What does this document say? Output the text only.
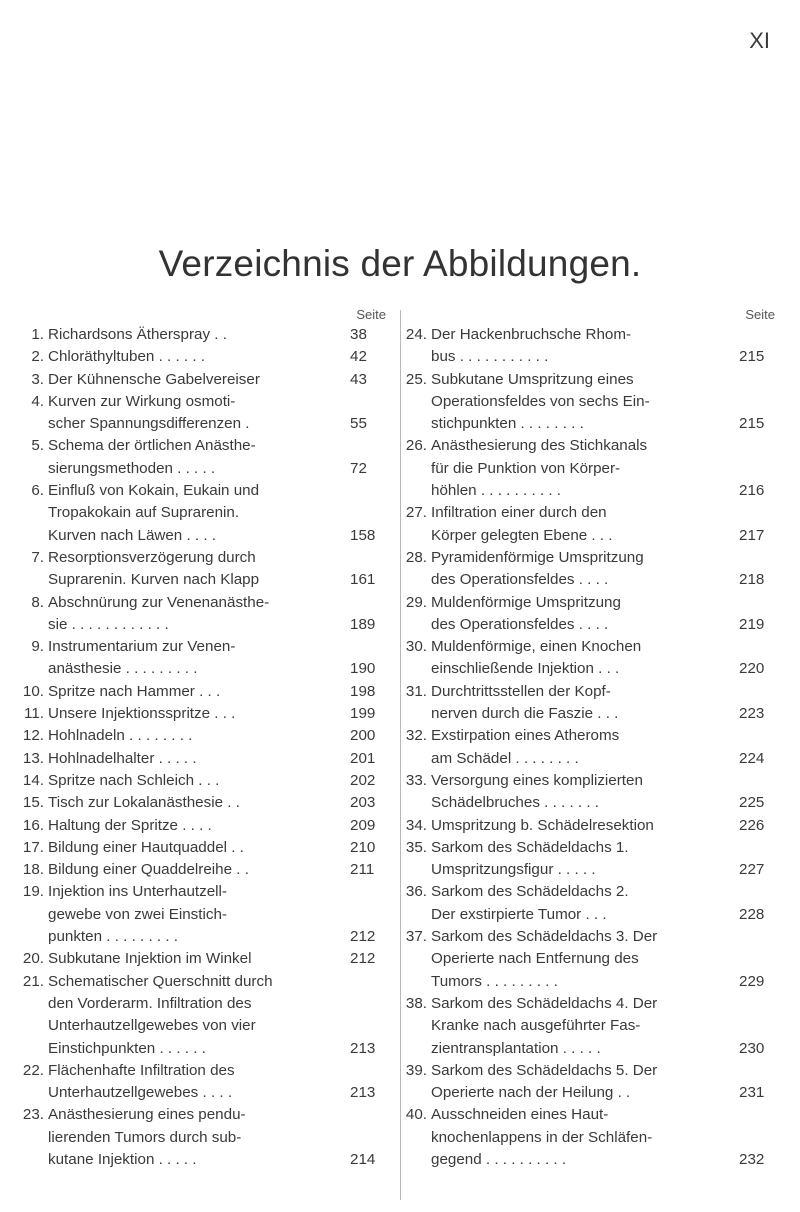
XI
Verzeichnis der Abbildungen.
Seite
1. Richardsons Ätherspray . .	38
2. Chloräthyltuben . . . . . .	42
3. Der Kühnensche Gabelvereiser	43
4. Kurven zur Wirkung osmoti-
scher Spannungsdifferenzen .	55
5. Schema der örtlichen Anästhe-
sierungsmethoden . . . . .	72
6. Einfluß von Kokain, Eukain und
Tropakokain auf Suprarenin.
Kurven nach Läwen . . . .	158
7. Resorptionsverzögerung durch
Suprarenin. Kurven nach Klapp	161
8. Abschnürung zur Venenanästhe-
sie . . . . . . . . . . . .	189
9. Instrumentarium zur Venen-
anästhesie . . . . . . . . .	190
10. Spritze nach Hammer . . .	198
11. Unsere Injektionsspritze . . .	199
12. Hohlnadeln . . . . . . . .	200
13. Hohlnadelhalter . . . . .	201
14. Spritze nach Schleich . . .	202
15. Tisch zur Lokalanästhesie . .	203
16. Haltung der Spritze . . . .	209
17. Bildung einer Hautquaddel . .	210
18. Bildung einer Quaddelreihe . .	211
19. Injektion ins Unterhautzell-
gewebe von zwei Einstich-
punkten . . . . . . . . .	212
20. Subkutane Injektion im Winkel	212
21. Schematischer Querschnitt durch
den Vorderarm. Infiltration des
Unterhautzellgewebes von vier
Einstichpunkten . . . . . .	213
22. Flächenhafte Infiltration des
Unterhautzellgewebes . . . .	213
23. Anästhesierung eines pendu-
lierenden Tumors durch sub-
kutane Injektion . . . . .	214
Seite
24. Der Hackenbruchsche Rhom-
bus . . . . . . . . . . .	215
25. Subkutane Umspritzung eines
Operationsfeldes von sechs Ein-
stichpunkten . . . . . . . .	215
26. Anästhesierung des Stichkanals
für die Punktion von Körper-
höhlen . . . . . . . . . .	216
27. Infiltration einer durch den
Körper gelegten Ebene . . .	217
28. Pyramidenförmige Umspritzung
des Operationsfeldes . . . .	218
29. Muldenförmige Umspritzung
des Operationsfeldes . . . .	219
30. Muldenförmige, einen Knochen
einschließende Injektion . . .	220
31. Durchtrittsstellen der Kopf-
nerven durch die Faszie . . .	223
32. Exstirpation eines Atheroms
am Schädel . . . . . . . .	224
33. Versorgung eines komplizierten
Schädelbruches . . . . . . .	225
34. Umspritzung b. Schädelresektion	226
35. Sarkom des Schädeldachs 1.
Umspritzungsfigur . . . . .	227
36. Sarkom des Schädeldachs 2.
Der exstirpierte Tumor . . .	228
37. Sarkom des Schädeldachs 3. Der
Operierte nach Entfernung des
Tumors . . . . . . . . .	229
38. Sarkom des Schädeldachs 4. Der
Kranke nach ausgeführter Fas-
zientransplantation . . . . .	230
39. Sarkom des Schädeldachs 5. Der
Operierte nach der Heilung . .	231
40. Ausschneiden eines Haut-
knochenlappens in der Schläfen-
gegend . . . . . . . . . .	232
